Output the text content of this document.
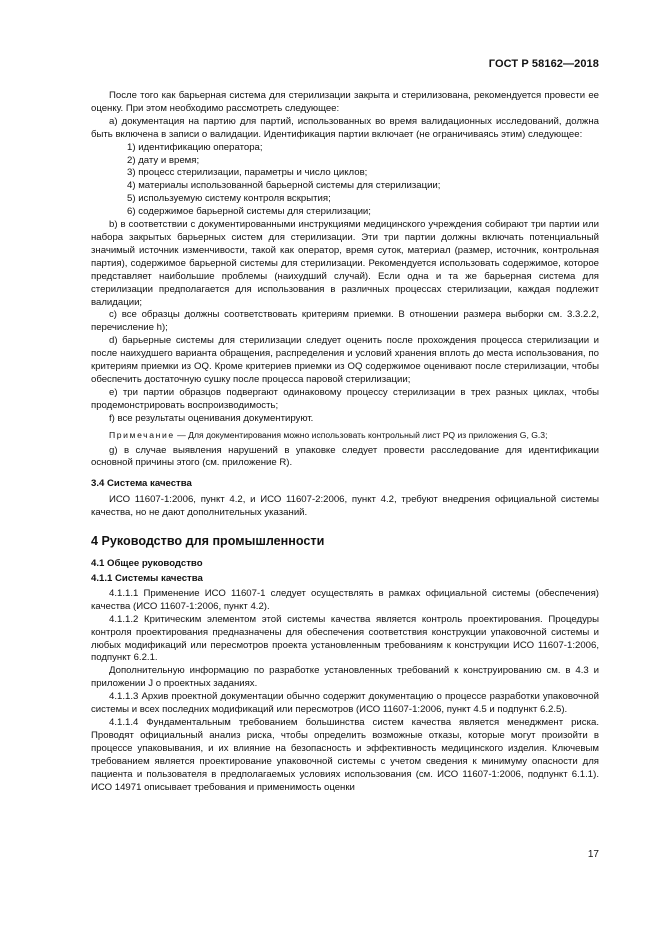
ГОСТ Р 58162—2018

После того как барьерная система для стерилизации закрыта и стерилизована, рекомендуется провести ее оценку. При этом необходимо рассмотреть следующее:

а) документация на партию для партий, использованных во время валидационных исследований, должна быть включена в записи о валидации. Идентификация партии включает (не ограничиваясь этим) следующее:

1) идентификацию оператора;

2) дату и время;

3) процесс стерилизации, параметры и число циклов;

4) материалы использованной барьерной системы для стерилизации;

5) используемую систему контроля вскрытия;

6) содержимое барьерной системы для стерилизации;

b) в соответствии с документированными инструкциями медицинского учреждения собирают три партии или набора закрытых барьерных систем для стерилизации. Эти три партии должны включать потенциальный значимый источник изменчивости, такой как оператор, время суток, материал (размер, источник, контрольная партия), содержимое барьерной системы для стерилизации. Рекомендуется использовать содержимое, которое представляет наибольшие проблемы (наихудший случай). Если одна и та же барьерная система для стерилизации предполагается для использования в различных процессах стерилизации, каждая подлежит валидации;

с) все образцы должны соответствовать критериям приемки. В отношении размера выборки см. 3.3.2.2, перечисление h);

d) барьерные системы для стерилизации следует оценить после прохождения процесса стерилизации и после наихудшего варианта обращения, распределения и условий хранения вплоть до места использования, по критериям приемки из OQ. Кроме критериев приемки из OQ содержимое оценивают после стерилизации, чтобы обеспечить достаточную сушку после процесса паровой стерилизации;

е) три партии образцов подвергают одинаковому процессу стерилизации в трех разных циклах, чтобы продемонстрировать воспроизводимость;

f) все результаты оценивания документируют.

Примечание — Для документирования можно использовать контрольный лист PQ из приложения G, G.3;

g) в случае выявления нарушений в упаковке следует провести расследование для идентификации основной причины этого (см. приложение R).

3.4 Система качества

ИСО 11607-1:2006, пункт 4.2, и ИСО 11607-2:2006, пункт 4.2, требуют внедрения официальной системы качества, но не дают дополнительных указаний.

4 Руководство для промышленности

4.1 Общее руководство

4.1.1 Системы качества

4.1.1.1 Применение ИСО 11607-1 следует осуществлять в рамках официальной системы (обеспечения) качества (ИСО 11607-1:2006, пункт 4.2).

4.1.1.2 Критическим элементом этой системы качества является контроль проектирования. Процедуры контроля проектирования предназначены для обеспечения соответствия конструкции упаковочной системы и любых модификаций или пересмотров проекта установленным требованиям к конструкции ИСО 11607-1:2006, подпункт 6.2.1.

Дополнительную информацию по разработке установленных требований к конструированию см. в 4.3 и приложении J о проектных заданиях.

4.1.1.3 Архив проектной документации обычно содержит документацию о процессе разработки упаковочной системы и всех последних модификаций или пересмотров (ИСО 11607-1:2006, пункт 4.5 и подпункт 6.2.5).

4.1.1.4 Фундаментальным требованием большинства систем качества является менеджмент риска. Проводят официальный анализ риска, чтобы определить возможные отказы, которые могут произойти в процессе упаковывания, и их влияние на безопасность и эффективность медицинского изделия. Ключевым требованием является проектирование упаковочной системы с учетом сведения к минимуму опасности для пациента и пользователя в предполагаемых условиях использования (см. ИСО 11607-1:2006, подпункт 6.1.1). ИСО 14971 описывает требования и применимость оценки

17
